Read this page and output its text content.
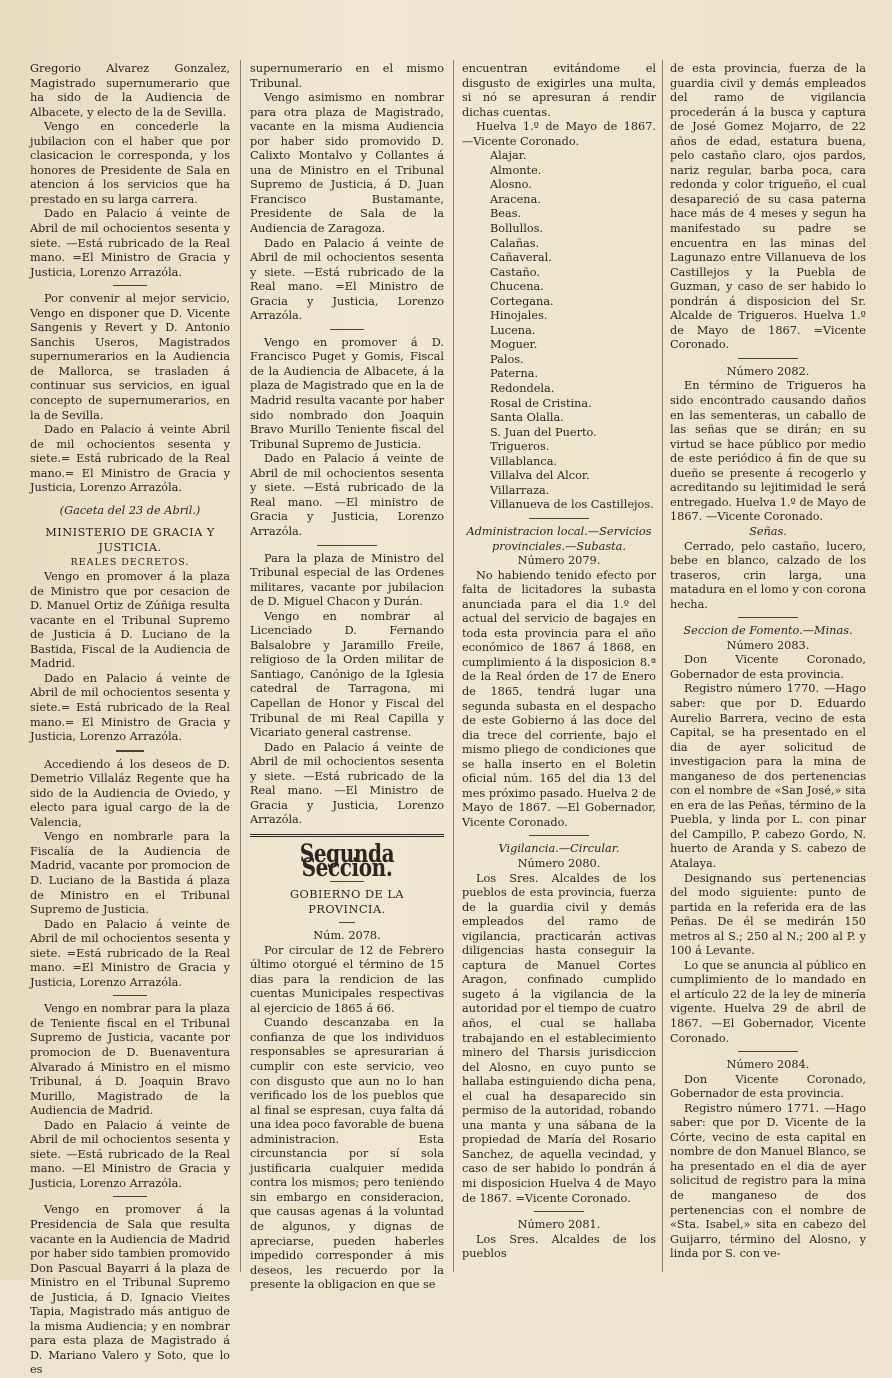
Gregorio Alvarez Gonzalez, Magistrado supernumerario que ha sido de la Audiencia de Albacete, y electo de la de Sevilla.

Vengo en concederle la jubilacion con el haber que por clasicacion le corresponda, y los honores de Presidente de Sala en atencion á los servicios que ha prestado en su larga carrera.

Dado en Palacio á veinte de Abril de mil ochocientos sesenta y siete. —Está rubricado de la Real mano. =El Ministro de Gracia y Justicia, Lorenzo Arrazóla.

Por convenir al mejor servicio, Vengo en disponer que D. Vicente Sangenis y Revert y D. Antonio Sanchis Useros, Magistrados supernumerarios en la Audiencia de Mallorca, se trasladen á continuar sus servicios, en igual concepto de supernumerarios, en la de Sevilla.

Dado en Palacio á veinte Abril de mil ochocientos sesenta y siete.= Está rubricado de la Real mano.= El Ministro de Gracia y Justicia, Lorenzo Arrazóla.

(Gaceta del 23 de Abril.)

MINISTERIO DE GRACIA Y JUSTICIA.

REALES DECRETOS.

Vengo en promover á la plaza de Ministro que por cesacion de D. Manuel Ortiz de Zúñiga resulta vacante en el Tribunal Supremo de Justicia á D. Luciano de la Bastida, Fiscal de la Audiencia de Madrid.

Dado en Palacio á veinte de Abril de mil ochocientos sesenta y siete.= Está rubricado de la Real mano.= El Ministro de Gracia y Justicia, Lorenzo Arrazóla.

Accediendo á los deseos de D. Demetrio Villaláz Regente que ha sido de la Audiencia de Oviedo, y electo para igual cargo de la de Valencia,

Vengo en nombrarle para la Fiscalía de la Audiencia de Madrid, vacante por promocion de D. Luciano de la Bastida á plaza de Ministro en el Tribunal Supremo de Justicia.

Dado en Palacio á veinte de Abril de mil ochocientos sesenta y siete. =Está rubricado de la Real mano. =El Ministro de Gracia y Justicia, Lorenzo Arrazóla.

Vengo en nombrar para la plaza de Teniente fiscal en el Tribunal Supremo de Justicia, vacante por promocion de D. Buenaventura Alvarado á Ministro en el mismo Tribunal, á D. Joaquin Bravo Murillo, Magistrado de la Audiencia de Madrid.

Dado en Palacio á veinte de Abril de mil ochocientos sesenta y siete. —Está rubricado de la Real mano. —El Ministro de Gracia y Justicia, Lorenzo Arrazóla.

Vengo en promover á la Presidencia de Sala que resulta vacante en la Audiencia de Madrid por haber sido tambien promovido Don Pascual Bayarri á la plaza de Ministro en el Tribunal Supremo de Justicia, á D. Ignacio Vieites Tapia, Magistrado más antiguo de la misma Audiencia; y en nombrar para esta plaza de Magistrado á D. Mariano Valero y Soto, que lo es

supernumerario en el mismo Tribunal.

Vengo asimismo en nombrar para otra plaza de Magistrado, vacante en la misma Audiencia por haber sido promovido D. Calixto Montalvo y Collantes á una de Ministro en el Tribunal Supremo de Justicia, á D. Juan Francisco Bustamante, Presidente de Sala de la Audiencia de Zaragoza.

Dado en Palacio á veinte de Abril de mil ochocientos sesenta y siete. —Está rubricado de la Real mano. =El Ministro de Gracia y Justicia, Lorenzo Arrazóla.

Vengo en promover á D. Francisco Puget y Gomis, Fiscal de la Audiencia de Albacete, á la plaza de Magistrado que en la de Madrid resulta vacante por haber sido nombrado don Joaquin Bravo Murillo Teniente fiscal del Tribunal Supremo de Justicia.

Dado en Palacio á veinte de Abril de mil ochocientos sesenta y siete. —Está rubricado de la Real mano. —El ministro de Gracia y Justicia, Lorenzo Arrazóla.

Para la plaza de Ministro del Tribunal especial de las Ordenes militares, vacante por jubilacion de D. Miguel Chacon y Durán.

Vengo en nombrar al Licenciado D. Fernando Balsalobre y Jaramillo Freile, religioso de la Orden militar de Santiago, Canónigo de la Iglesia catedral de Tarragona, mi Capellan de Honor y Fiscal del Tribunal de mi Real Capilla y Vicariato general castrense.

Dado en Palacio á veinte de Abril de mil ochocientos sesenta y siete. —Está rubricado de la Real mano. —El Ministro de Gracia y Justicia, Lorenzo Arrazóla.

Segunda Seccion.

GOBIERNO DE LA PROVINCIA.

Núm. 2078.

Por circular de 12 de Febrero último otorgué el término de 15 dias para la rendicion de las cuentas Municipales respectivas al ejercicio de 1865 á 66.

Cuando descanzaba en la confianza de que los individuos responsables se apresurarian á cumplir con este servicio, veo con disgusto que aun no lo han verificado los de los pueblos que al final se espresan, cuya falta dá una idea poco favorable de buena administracion. Esta circunstancia por sí sola justificaria cualquier medida contra los mismos; pero teniendo sin embargo en consideracion, que causas agenas á la voluntad de algunos, y dignas de apreciarse, pueden haberles impedido corresponder á mis deseos, les recuerdo por la presente la obligacion en que se

encuentran evitándome el disgusto de exigirles una multa, si nó se apresuran á rendir dichas cuentas.

Huelva 1.º de Mayo de 1867. —Vicente Coronado.

Alajar.
Almonte.
Alosno.
Aracena.
Beas.
Bollullos.
Calañas.
Cañaveral.
Castaño.
Chucena.
Cortegana.
Hinojales.
Lucena.
Moguer.
Palos.
Paterna.
Redondela.
Rosal de Cristina.
Santa Olalla.
S. Juan del Puerto.
Trigueros.
Villablanca.
Villalva del Alcor.
Villarraza.
Villanueva de los Castillejos.

Administracion local.—Servicios provinciales.—Subasta.

Número 2079.

No habiendo tenido efecto por falta de licitadores la subasta anunciada para el dia 1.º del actual del servicio de bagajes en toda esta provincia para el año económico de 1867 á 1868, en cumplimiento á la disposicion 8.ª de la Real órden de 17 de Enero de 1865, tendrá lugar una segunda subasta en el despacho de este Gobierno á las doce del dia trece del corriente, bajo el mismo pliego de condiciones que se halla inserto en el Boletin oficial núm. 165 del dia 13 del mes próximo pasado. Huelva 2 de Mayo de 1867. —El Gobernador, Vicente Coronado.

Vigilancia.—Circular.

Número 2080.

Los Sres. Alcaldes de los pueblos de esta provincia, fuerza de la guardia civil y demás empleados del ramo de vigilancia, practicarán activas diligencias hasta conseguir la captura de Manuel Cortes Aragon, confinado cumplido sugeto á la vigilancia de la autoridad por el tiempo de cuatro años, el cual se hallaba trabajando en el establecimiento minero del Tharsis jurisdiccion del Alosno, en cuyo punto se hallaba estinguiendo dicha pena, el cual ha desaparecido sin permiso de la autoridad, robando una manta y una sábana de la propiedad de María del Rosario Sanchez, de aquella vecindad, y caso de ser habido lo pondrán á mi disposicion Huelva 4 de Mayo de 1867. =Vicente Coronado.

Número 2081.

Los Sres. Alcaldes de los pueblos

de esta provincia, fuerza de la guardia civil y demás empleados del ramo de vigilancia procederán á la busca y captura de José Gomez Mojarro, de 22 años de edad, estatura buena, pelo castaño claro, ojos pardos, nariz regular, barba poca, cara redonda y color trigueño, el cual desapareció de su casa paterna hace más de 4 meses y segun ha manifestado su padre se encuentra en las minas del Lagunazo entre Villanueva de los Castillejos y la Puebla de Guzman, y caso de ser habido lo pondrán á disposicion del Sr. Alcalde de Trigueros. Huelva 1.º de Mayo de 1867. =Vicente Coronado.

Número 2082.

En término de Trigueros ha sido encontrado causando daños en las sementeras, un caballo de las señas que se dirán; en su virtud se hace público por medio de este periódico á fin de que su dueño se presente á recogerlo y acreditando su lejitimidad le será entregado. Huelva 1.º de Mayo de 1867. —Vicente Coronado.

Señas.

Cerrado, pelo castaño, lucero, bebe en blanco, calzado de los traseros, crin larga, una matadura en el lomo y con corona hecha.

Seccion de Fomento.—Minas.

Número 2083.

Don Vicente Coronado, Gobernador de esta provincia.

Registro número 1770. —Hago saber: que por D. Eduardo Aurelio Barrera, vecino de esta Capital, se ha presentado en el dia de ayer solicitud de investigacion para la mina de manganeso de dos pertenencias con el nombre de «San José,» sita en era de las Peñas, término de la Puebla, y linda por L. con pinar del Campillo, P. cabezo Gordo, N. huerto de Aranda y S. cabezo de Atalaya.

Designando sus pertenencias del modo siguiente: punto de partida en la referida era de las Peñas. De él se medirán 150 metros al S.; 250 al N.; 200 al P. y 100 á Levante.

Lo que se anuncia al público en cumplimiento de lo mandado en el artículo 22 de la ley de minería vigente. Huelva 29 de abril de 1867. —El Gobernador, Vicente Coronado.

Número 2084.

Don Vicente Coronado, Gobernador de esta provincia.

Registro número 1771. —Hago saber: que por D. Vicente de la Córte, vecino de esta capital en nombre de don Manuel Blanco, se ha presentado en el dia de ayer solicitud de registro para la mina de manganeso de dos pertenencias con el nombre de «Sta. Isabel,» sita en cabezo del Guijarro, término del Alosno, y linda por S. con ve-
